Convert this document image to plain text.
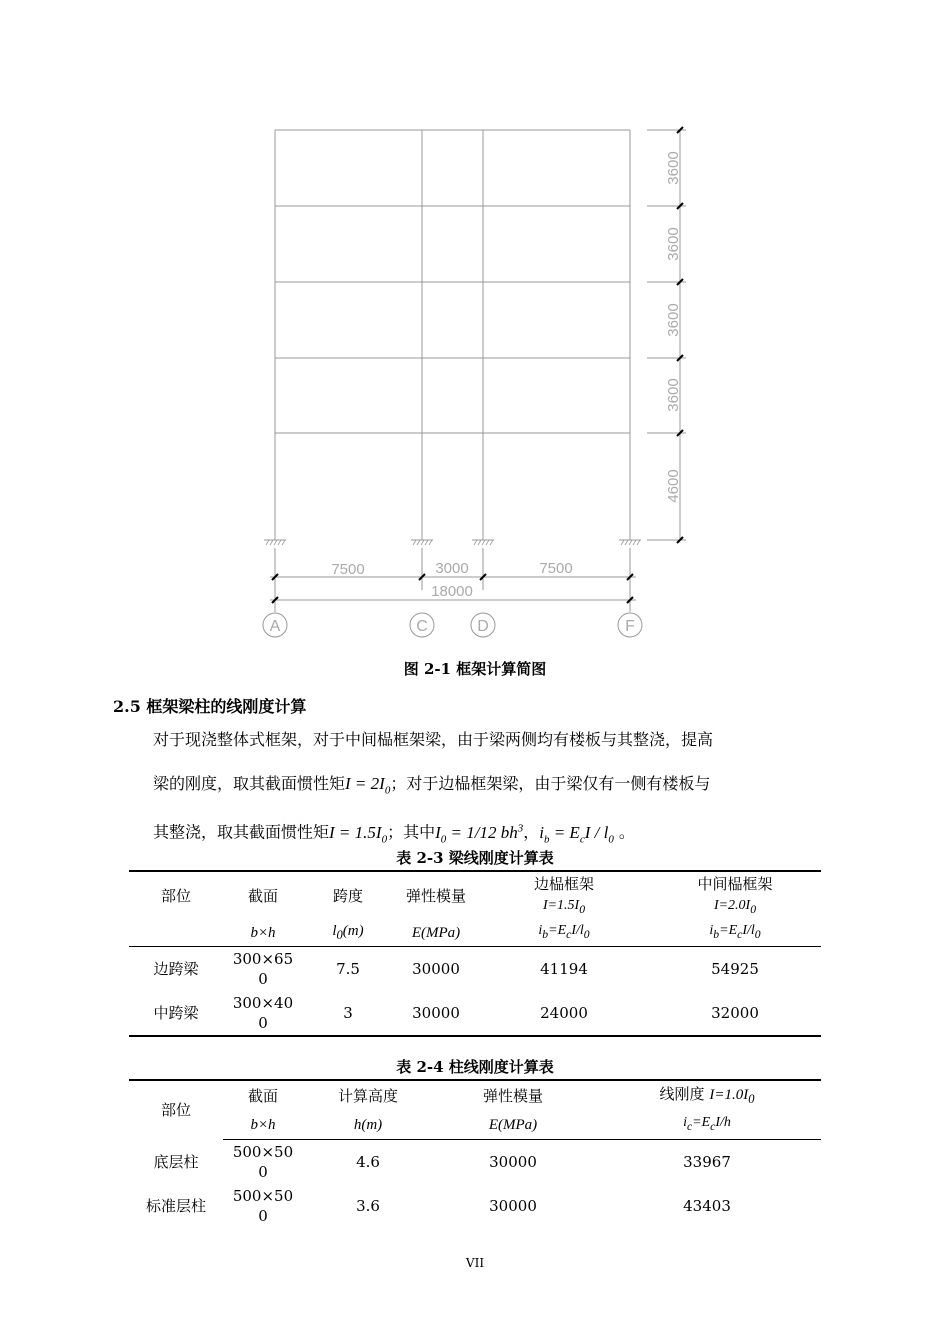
3600
3600
3600
3600
4600
7500	3000	7500
18000
A	C	D	F
图 2-1 框架计算简图
2.5 框架梁柱的线刚度计算
对于现浇整体式框架，对于中间榀框架梁，由于梁两侧均有楼板与其整浇，提高
梁的刚度，取其截面惯性矩$I = 2I_0$；对于边榀框架梁，由于梁仅有一侧有楼板与
其整浇，取其截面惯性矩$I = 1.5I_0$；其中$I_0 = 1/12$ $bh^3$，$i_b = E_cI / l_0$ 。
表 2-3 梁线刚度计算表
部位	截面	跨度	弹性模量	边榀框架	中间榀框架
				$I=1.5I_0$	$I=2.0I_0$
	b×h	$l_0(m)$	E(MPa)	$i_b=E_cI/l_0$	$i_b=E_cI/l_0$
边跨梁	300×65
0	7.5	30000	41194	54925
中跨梁	300×40
0	3	30000	24000	32000
表 2-4 柱线刚度计算表
部位	截面	计算高度	弹性模量	线刚度 $I=1.0I_0$
	b×h	h(m)	E(MPa)	$i_c=E_cI/h$
底层柱	500×50
0	4.6	30000	33967
标准层柱	500×50
0	3.6	30000	43403
VII
